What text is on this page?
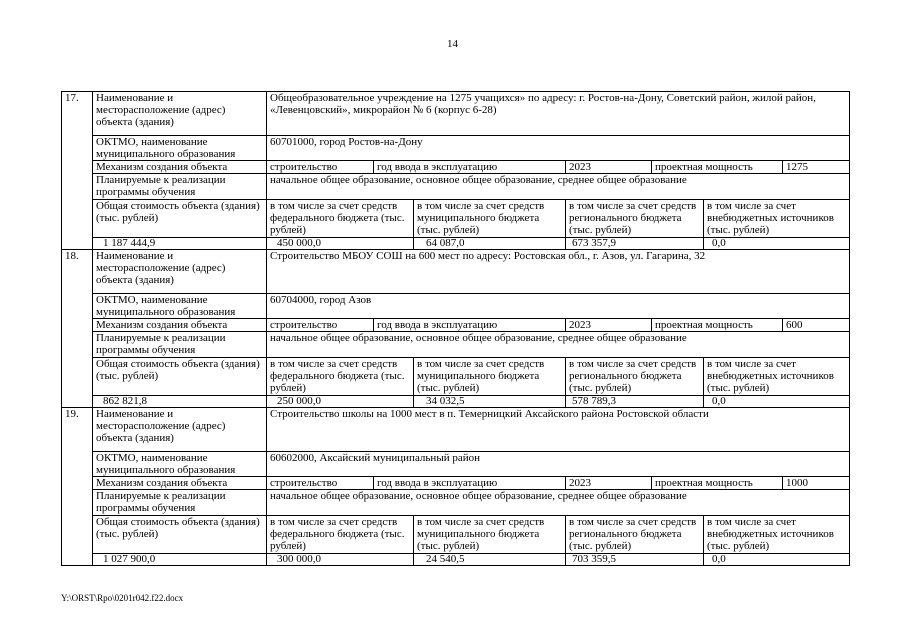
14
17.	Наименование и месторасположение (адрес) объекта (здания)	Общеобразовательное учреждение на 1275 учащихся» по адресу: г. Ростов-на-Дону, Советский район, жилой район, «Левенцовский», микрорайон № 6 (корпус 6-28)						
	ОКТМО, наименование муниципального образования	60701000, город Ростов-на-Дону						
	Механизм создания объекта	строительство	год ввода в эксплуатацию		2023	проектная мощность		1275
	Планируемые к реализации программы обучения	начальное общее образование, основное общее образование, среднее общее образование						
	Общая стоимость объекта (здания) (тыс. рублей)	в том числе за счет средств федерального бюджета (тыс. рублей)		в том числе за счет средств муниципального бюджета (тыс. рублей)	в том числе за счет средств регионального бюджета (тыс. рублей)		в том числе за счет внебюджетных источников (тыс. рублей)	
	1 187 444,9	450 000,0		64 087,0	673 357,9		0,0	
18.	Наименование и месторасположение (адрес) объекта (здания)	Строительство МБОУ СОШ на 600 мест по адресу: Ростовская обл., г. Азов, ул. Гагарина, 32						
	ОКТМО, наименование муниципального образования	60704000, город Азов						
	Механизм создания объекта	строительство	год ввода в эксплуатацию		2023	проектная мощность		600
	Планируемые к реализации программы обучения	начальное общее образование, основное общее образование, среднее общее образование						
	Общая стоимость объекта (здания) (тыс. рублей)	в том числе за счет средств федерального бюджета (тыс. рублей)		в том числе за счет средств муниципального бюджета (тыс. рублей)	в том числе за счет средств регионального бюджета (тыс. рублей)		в том числе за счет внебюджетных источников (тыс. рублей)	
	862 821,8	250 000,0		34 032,5	578 789,3		0,0	
19.	Наименование и месторасположение (адрес) объекта (здания)	Строительство школы на 1000 мест в п. Темерницкий Аксайского района Ростовской области						
	ОКТМО, наименование муниципального образования	60602000, Аксайский муниципальный район						
	Механизм создания объекта	строительство	год ввода в эксплуатацию		2023	проектная мощность		1000
	Планируемые к реализации программы обучения	начальное общее образование, основное общее образование, среднее общее образование						
	Общая стоимость объекта (здания) (тыс. рублей)	в том числе за счет средств федерального бюджета (тыс. рублей)		в том числе за счет средств муниципального бюджета (тыс. рублей)	в том числе за счет средств регионального бюджета (тыс. рублей)		в том числе за счет внебюджетных источников (тыс. рублей)	
	1 027 900,0	300 000,0		24 540,5	703 359,5		0,0	
Y:\ORST\Rpo\0201r042.f22.docx
